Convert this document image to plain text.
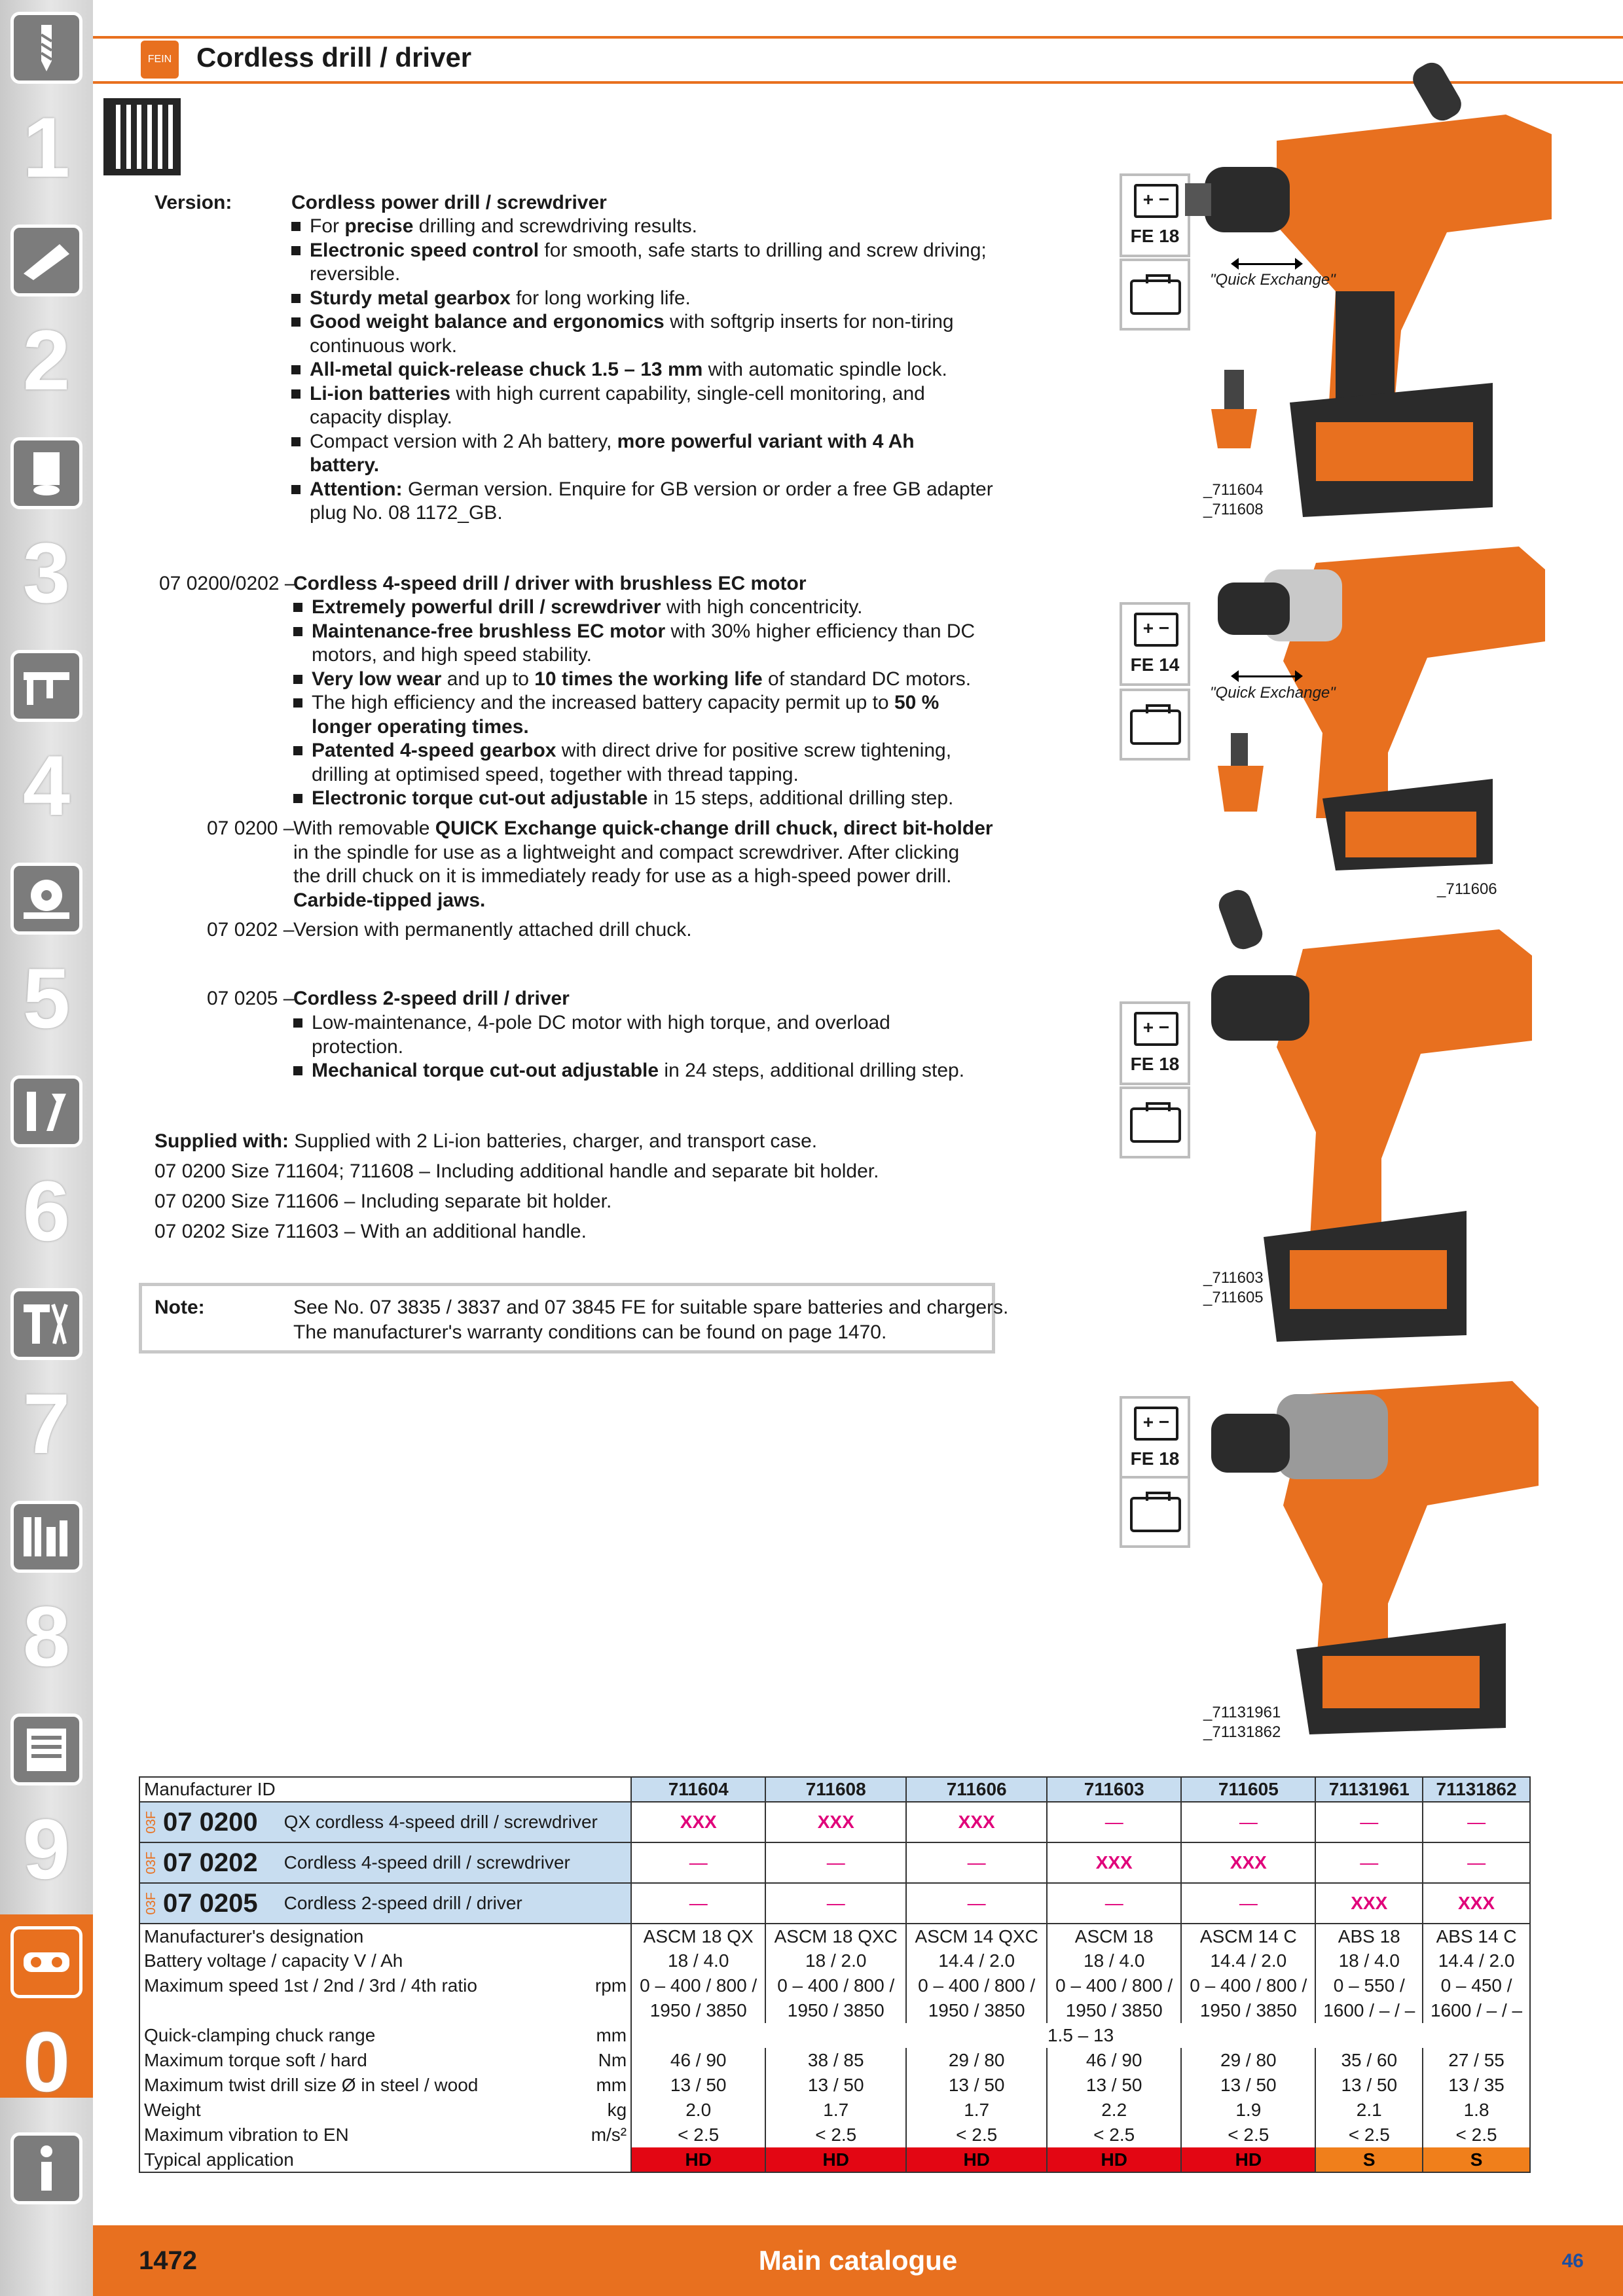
1
2
3
4
5
6
7
8
9
0
FEIN Cordless drill / driver
Version:	Cordless power drill / screwdriver
For precise drilling and screwdriving results.
Electronic speed control for smooth, safe starts to drilling and screw driving;
reversible.
Sturdy metal gearbox for long working life.
Good weight balance and ergonomics with softgrip inserts for non-tiring
continuous work.
All-metal quick-release chuck 1.5 – 13 mm with automatic spindle lock.
Li-ion batteries with high current capability, single-cell monitoring, and
capacity display.
Compact version with 2 Ah battery, more powerful variant with 4 Ah
battery.
Attention: German version. Enquire for GB version or order a free GB adapter
plug No. 08 1172_GB.
07 0200/0202 –
Cordless 4-speed drill / driver with brushless EC motor
Extremely powerful drill / screwdriver with high concentricity.
Maintenance-free brushless EC motor with 30% higher efficiency than DC
motors, and high speed stability.
Very low wear and up to 10 times the working life of standard DC motors.
The high efficiency and the increased battery capacity permit up to 50 %
longer operating times.
Patented 4-speed gearbox with direct drive for positive screw tightening,
drilling at optimised speed, together with thread tapping.
Electronic torque cut-out adjustable in 15 steps, additional drilling step.
07 0200 –
With removable QUICK Exchange quick-change drill chuck, direct bit-holder
in the spindle for use as a lightweight and compact screwdriver. After clicking
the drill chuck on it is immediately ready for use as a high-speed power drill.
Carbide-tipped jaws.
07 0202 –
Version with permanently attached drill chuck.
07 0205 –
Cordless 2-speed drill / driver
Low-maintenance, 4-pole DC motor with high torque, and overload
protection.
Mechanical torque cut-out adjustable in 24 steps, additional drilling step.
Supplied with: Supplied with 2 Li-ion batteries, charger, and transport case.
07 0200 Size 711604; 711608 – Including additional handle and separate bit holder.
07 0200 Size 711606 – Including separate bit holder.
07 0202 Size 711603 – With an additional handle.
Note:	See No. 07 3835 / 3837 and 07 3845 FE for suitable spare batteries and chargers.
The manufacturer's warranty conditions can be found on page 1470.
+ −
FE 18
+ −
FE 14
+ −
FE 18
+ −
FE 18
"Quick Exchange"
_711604
_711608
"Quick Exchange"
_711606
_711603
_711605
_71131961
_71131862
Manufacturer ID		711604	711608	711606	711603	711605	71131961	71131862
03F 07 0200 QX cordless 4-speed drill / screwdriver		XXX	XXX	XXX	—	—	—	—
03F 07 0202 Cordless 4-speed drill / screwdriver		—	—	—	XXX	XXX	—	—
03F 07 0205 Cordless 2-speed drill / driver		—	—	—	—	—	XXX	XXX
Manufacturer's designation		ASCM 18 QX	ASCM 18 QXC	ASCM 14 QXC	ASCM 18	ASCM 14 C	ABS 18	ABS 14 C
Battery voltage / capacity V / Ah		18 / 4.0	18 / 2.0	14.4 / 2.0	18 / 4.0	14.4 / 2.0	18 / 4.0	14.4 / 2.0
Maximum speed 1st / 2nd / 3rd / 4th ratio	rpm	0 – 400 / 800 /	0 – 400 / 800 /	0 – 400 / 800 /	0 – 400 / 800 /	0 – 400 / 800 /	0 – 550 /	0 – 450 /
		1950 / 3850	1950 / 3850	1950 / 3850	1950 / 3850	1950 / 3850	1600 / – / –	1600 / – / –
Quick-clamping chuck range	mm	1.5 – 13						
Maximum torque soft / hard	Nm	46 / 90	38 / 85	29 / 80	46 / 90	29 / 80	35 / 60	27 / 55
Maximum twist drill size Ø in steel / wood	mm	13 / 50	13 / 50	13 / 50	13 / 50	13 / 50	13 / 50	13 / 35
Weight	kg	2.0	1.7	1.7	2.2	1.9	2.1	1.8
Maximum vibration to EN	m/s²	< 2.5	< 2.5	< 2.5	< 2.5	< 2.5	< 2.5	< 2.5
Typical application		HD	HD	HD	HD	HD	S	S
1472	Main catalogue	46
